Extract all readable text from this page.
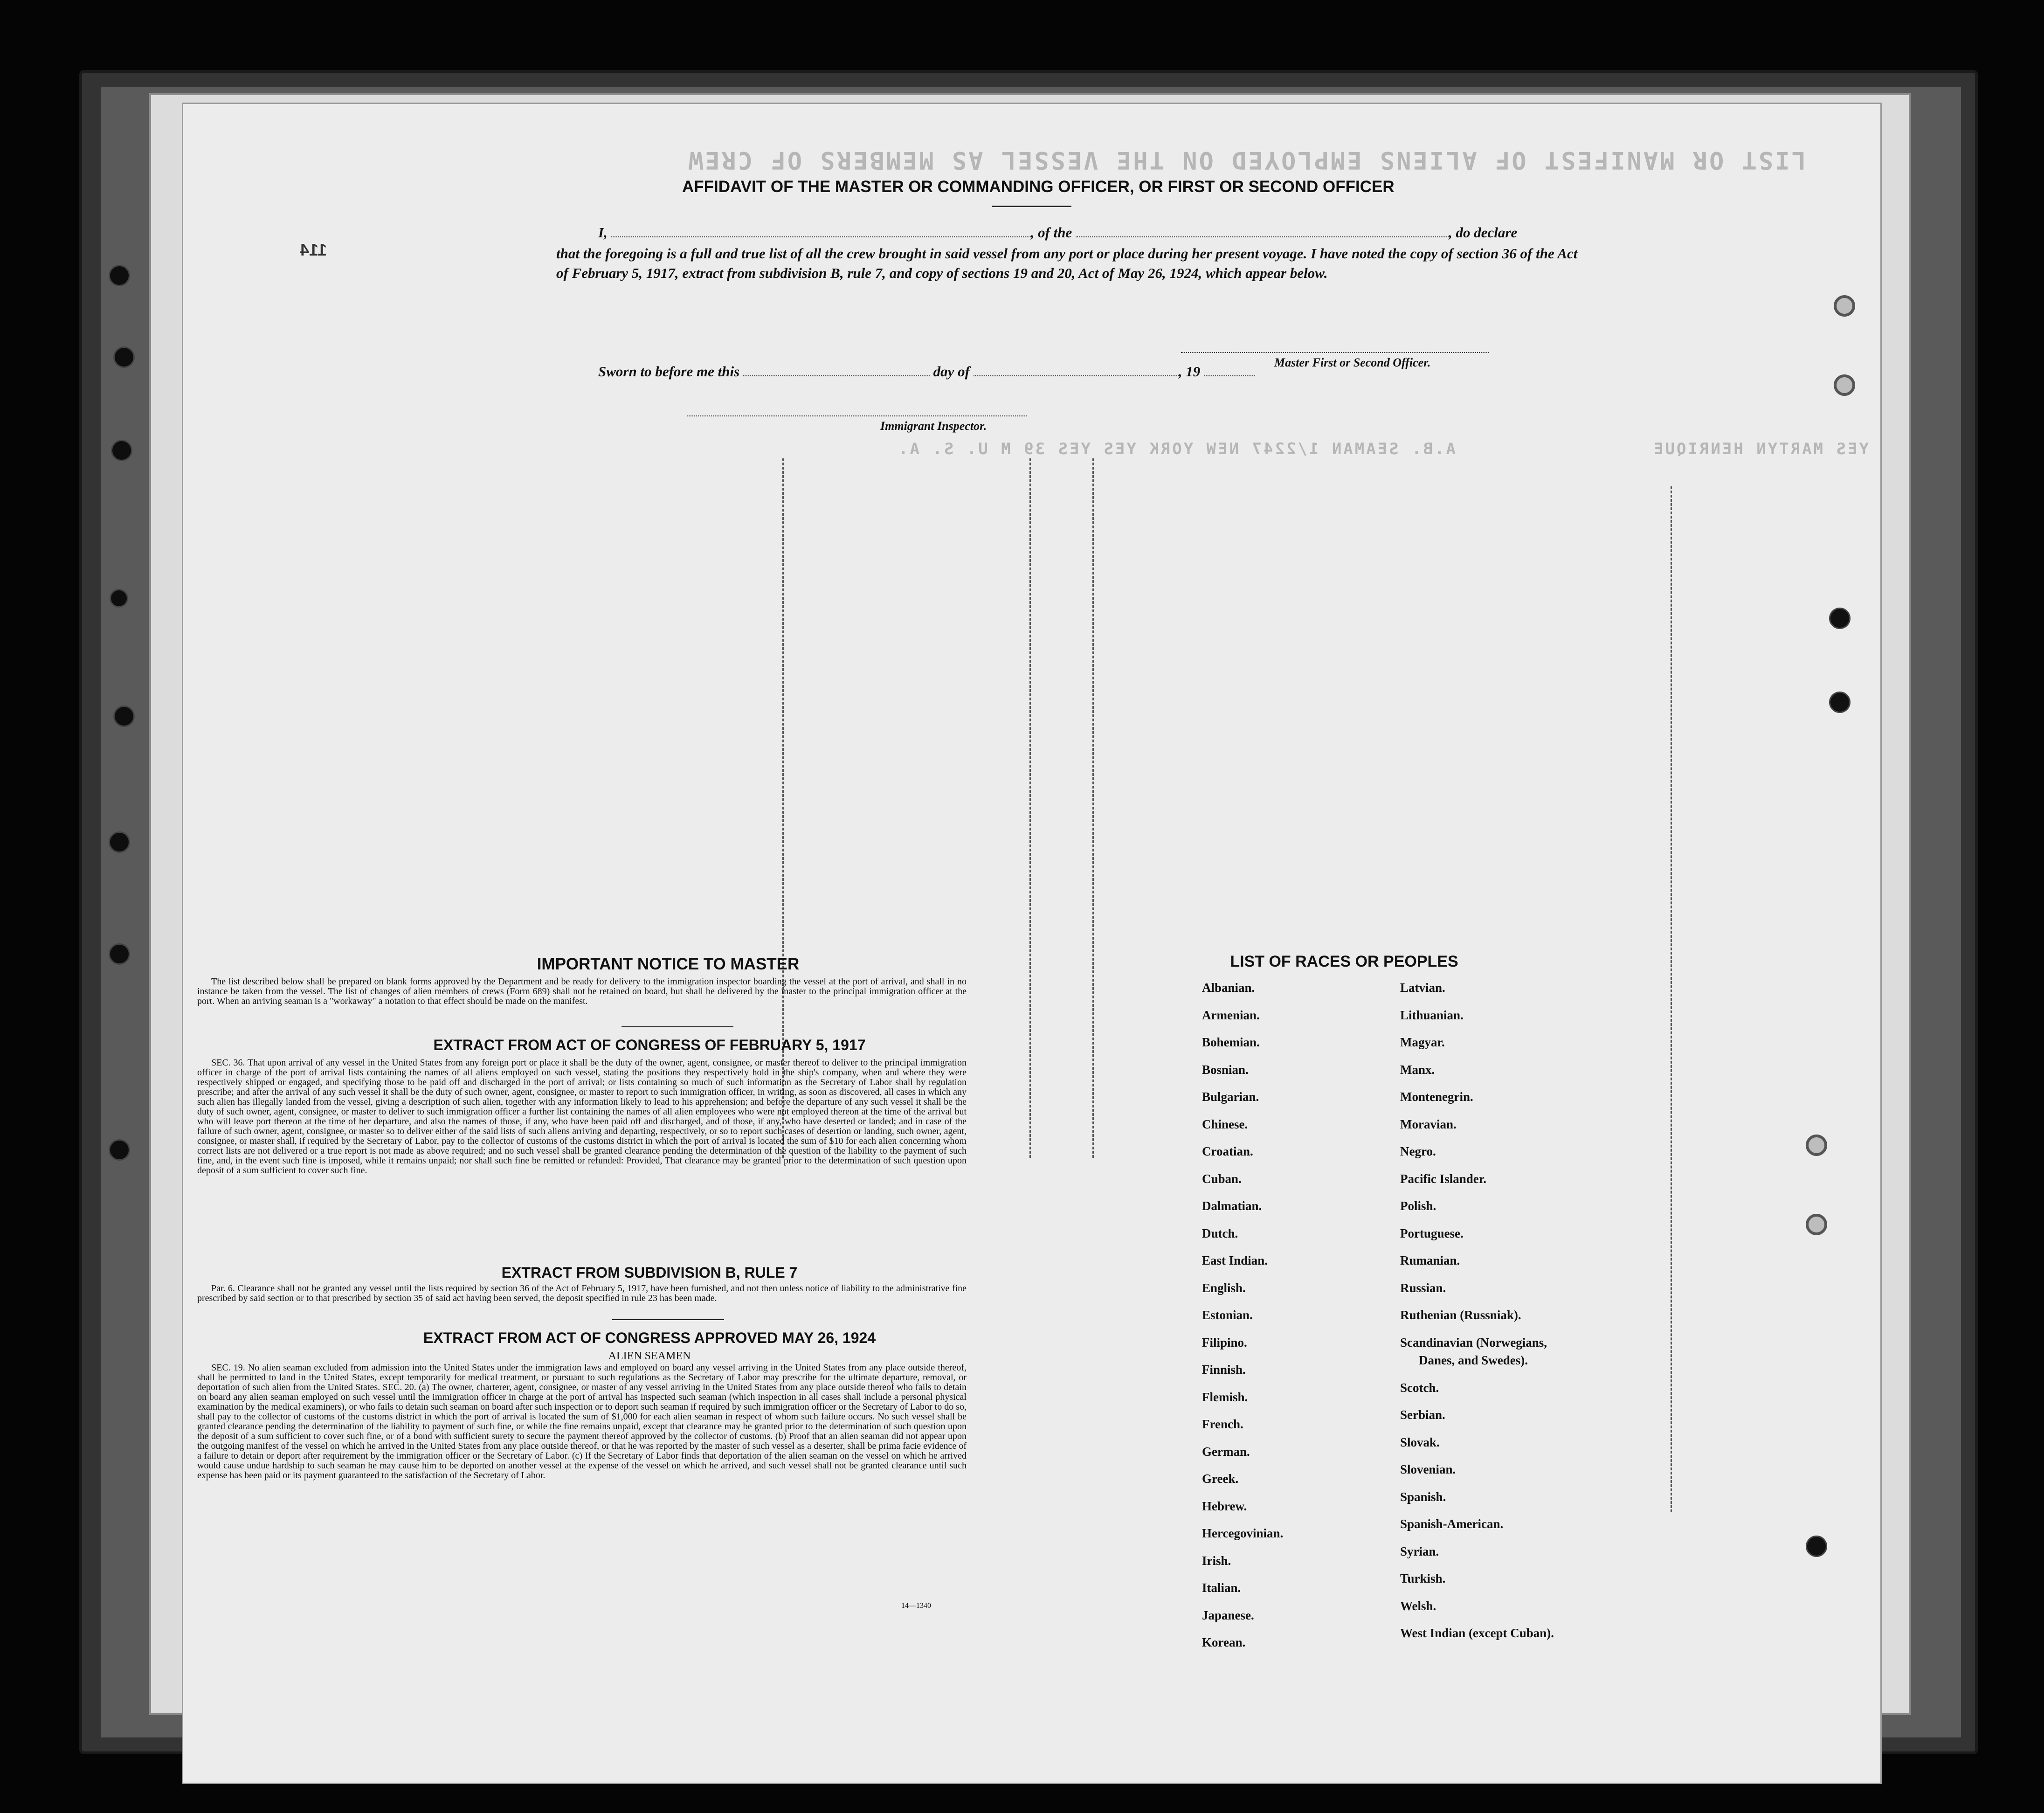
LIST OR MANIFEST OF ALIENS EMPLOYED ON THE VESSEL AS MEMBERS OF CREW
A.B. SEAMAN 1/2247 NEW YORK YES YES 39 M U. S. A.	YES MARTYN HENRIQUE
114
AFFIDAVIT OF THE MASTER OR COMMANDING OFFICER, OR FIRST OR SECOND OFFICER
I,	, of the	, do declare
that the foregoing is a full and true list of all the crew brought in said vessel from any port or place during her present voyage. I have noted the copy of section 36 of the Act of February 5, 1917, extract from subdivision B, rule 7, and copy of sections 19 and 20, Act of May 26, 1924, which appear below.
Master First or Second Officer.
Sworn to before me this	day of	, 19
Immigrant Inspector.
IMPORTANT NOTICE TO MASTER
The list described below shall be prepared on blank forms approved by the Department and be ready for delivery to the immigration inspector boarding the vessel at the port of arrival, and shall in no instance be taken from the vessel. The list of changes of alien members of crews (Form 689) shall not be retained on board, but shall be delivered by the master to the principal immigration officer at the port. When an arriving seaman is a "workaway" a notation to that effect should be made on the manifest.
EXTRACT FROM ACT OF CONGRESS OF FEBRUARY 5, 1917
SEC. 36. That upon arrival of any vessel in the United States from any foreign port or place it shall be the duty of the owner, agent, consignee, or master thereof to deliver to the principal immigration officer in charge of the port of arrival lists containing the names of all aliens employed on such vessel, stating the positions they respectively hold in the ship's company, when and where they were respectively shipped or engaged, and specifying those to be paid off and discharged in the port of arrival; or lists containing so much of such information as the Secretary of Labor shall by regulation prescribe; and after the arrival of any such vessel it shall be the duty of such owner, agent, consignee, or master to report to such immigration officer, in writing, as soon as discovered, all cases in which any such alien has illegally landed from the vessel, giving a description of such alien, together with any information likely to lead to his apprehension; and before the departure of any such vessel it shall be the duty of such owner, agent, consignee, or master to deliver to such immigration officer a further list containing the names of all alien employees who were not employed thereon at the time of the arrival but who will leave port thereon at the time of her departure, and also the names of those, if any, who have been paid off and discharged, and of those, if any, who have deserted or landed; and in case of the failure of such owner, agent, consignee, or master so to deliver either of the said lists of such aliens arriving and departing, respectively, or so to report such cases of desertion or landing, such owner, agent, consignee, or master shall, if required by the Secretary of Labor, pay to the collector of customs of the customs district in which the port of arrival is located the sum of $10 for each alien concerning whom correct lists are not delivered or a true report is not made as above required; and no such vessel shall be granted clearance pending the determination of the question of the liability to the payment of such fine, and, in the event such fine is imposed, while it remains unpaid; nor shall such fine be remitted or refunded: Provided, That clearance may be granted prior to the determination of such question upon deposit of a sum sufficient to cover such fine.
EXTRACT FROM SUBDIVISION B, RULE 7
Par. 6. Clearance shall not be granted any vessel until the lists required by section 36 of the Act of February 5, 1917, have been furnished, and not then unless notice of liability to the administrative fine prescribed by said section or to that prescribed by section 35 of said act having been served, the deposit specified in rule 23 has been made.
EXTRACT FROM ACT OF CONGRESS APPROVED MAY 26, 1924
ALIEN SEAMEN
SEC. 19. No alien seaman excluded from admission into the United States under the immigration laws and employed on board any vessel arriving in the United States from any place outside thereof, shall be permitted to land in the United States, except temporarily for medical treatment, or pursuant to such regulations as the Secretary of Labor may prescribe for the ultimate departure, removal, or deportation of such alien from the United States. SEC. 20. (a) The owner, charterer, agent, consignee, or master of any vessel arriving in the United States from any place outside thereof who fails to detain on board any alien seaman employed on such vessel until the immigration officer in charge at the port of arrival has inspected such seaman (which inspection in all cases shall include a personal physical examination by the medical examiners), or who fails to detain such seaman on board after such inspection or to deport such seaman if required by such immigration officer or the Secretary of Labor to do so, shall pay to the collector of customs of the customs district in which the port of arrival is located the sum of $1,000 for each alien seaman in respect of whom such failure occurs. No such vessel shall be granted clearance pending the determination of the liability to payment of such fine, or while the fine remains unpaid, except that clearance may be granted prior to the determination of such question upon the deposit of a sum sufficient to cover such fine, or of a bond with sufficient surety to secure the payment thereof approved by the collector of customs. (b) Proof that an alien seaman did not appear upon the outgoing manifest of the vessel on which he arrived in the United States from any place outside thereof, or that he was reported by the master of such vessel as a deserter, shall be prima facie evidence of a failure to detain or deport after requirement by the immigration officer or the Secretary of Labor. (c) If the Secretary of Labor finds that deportation of the alien seaman on the vessel on which he arrived would cause undue hardship to such seaman he may cause him to be deported on another vessel at the expense of the vessel on which he arrived, and such vessel shall not be granted clearance until such expense has been paid or its payment guaranteed to the satisfaction of the Secretary of Labor.
14—1340
LIST OF RACES OR PEOPLES
Albanian.
Armenian.
Bohemian.
Bosnian.
Bulgarian.
Chinese.
Croatian.
Cuban.
Dalmatian.
Dutch.
East Indian.
English.
Estonian.
Filipino.
Finnish.
Flemish.
French.
German.
Greek.
Hebrew.
Hercegovinian.
Irish.
Italian.
Japanese.
Korean.
Latvian.
Lithuanian.
Magyar.
Manx.
Montenegrin.
Moravian.
Negro.
Pacific Islander.
Polish.
Portuguese.
Rumanian.
Russian.
Ruthenian (Russniak).
Scandinavian (Norwegians,
Danes, and Swedes).
Scotch.
Serbian.
Slovak.
Slovenian.
Spanish.
Spanish-American.
Syrian.
Turkish.
Welsh.
West Indian (except Cuban).
